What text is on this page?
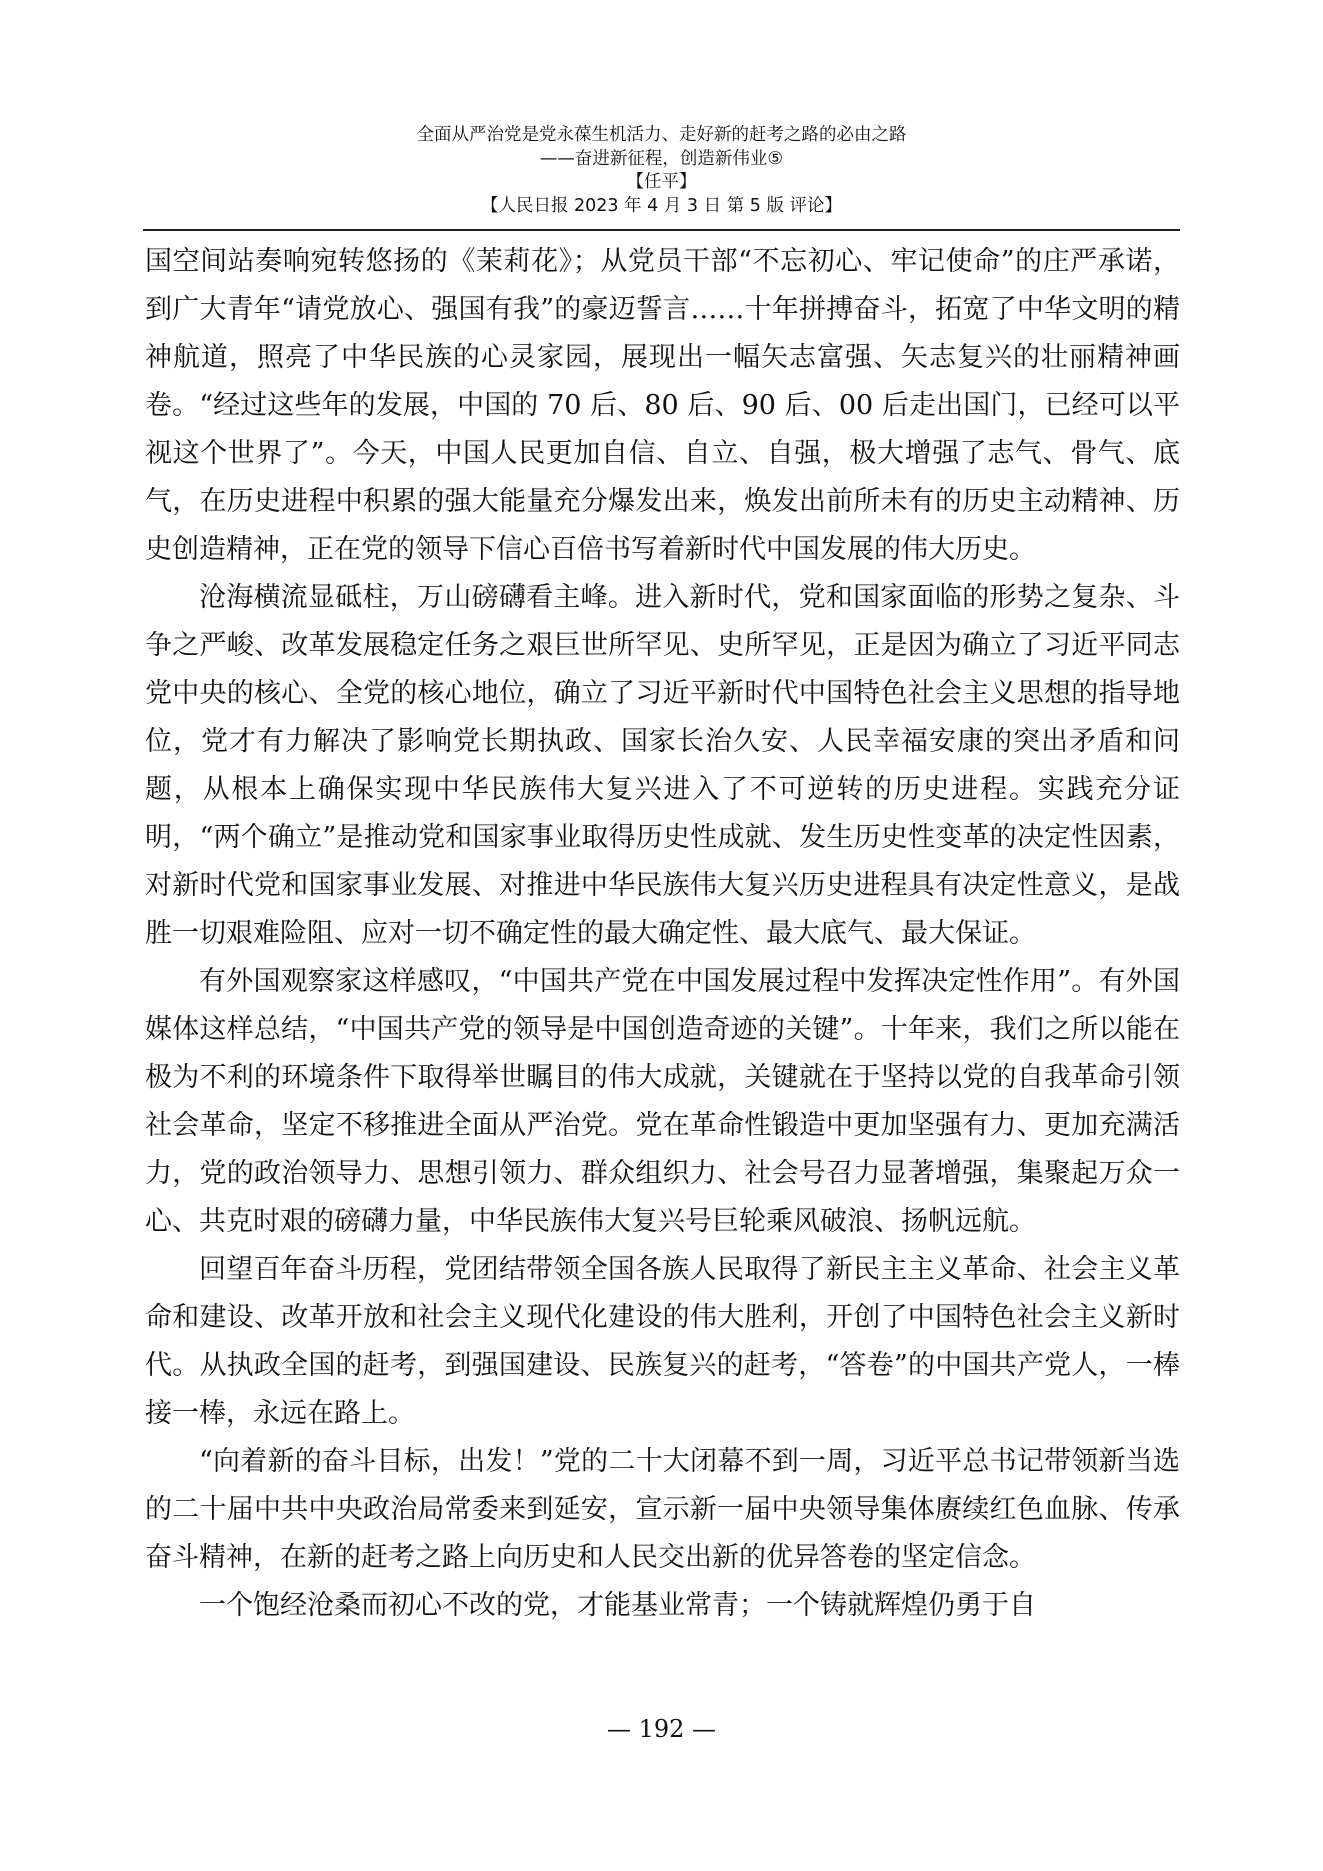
全面从严治党是党永葆生机活力、走好新的赶考之路的必由之路
——奋进新征程，创造新伟业⑤
【任平】
【人民日报 2023 年 4 月 3 日 第 5 版 评论】

国空间站奏响宛转悠扬的《茉莉花》；从党员干部“不忘初心、牢记使命”的庄严承诺，到广大青年“请党放心、强国有我”的豪迈誓言……十年拼搏奋斗，拓宽了中华文明的精神航道，照亮了中华民族的心灵家园，展现出一幅矢志富强、矢志复兴的壮丽精神画卷。“经过这些年的发展，中国的 70 后、80 后、90 后、00 后走出国门，已经可以平视这个世界了”。今天，中国人民更加自信、自立、自强，极大增强了志气、骨气、底气，在历史进程中积累的强大能量充分爆发出来，焕发出前所未有的历史主动精神、历史创造精神，正在党的领导下信心百倍书写着新时代中国发展的伟大历史。

沧海横流显砥柱，万山磅礴看主峰。进入新时代，党和国家面临的形势之复杂、斗争之严峻、改革发展稳定任务之艰巨世所罕见、史所罕见，正是因为确立了习近平同志党中央的核心、全党的核心地位，确立了习近平新时代中国特色社会主义思想的指导地位，党才有力解决了影响党长期执政、国家长治久安、人民幸福安康的突出矛盾和问题，从根本上确保实现中华民族伟大复兴进入了不可逆转的历史进程。实践充分证明，“两个确立”是推动党和国家事业取得历史性成就、发生历史性变革的决定性因素，对新时代党和国家事业发展、对推进中华民族伟大复兴历史进程具有决定性意义，是战胜一切艰难险阻、应对一切不确定性的最大确定性、最大底气、最大保证。

有外国观察家这样感叹，“中国共产党在中国发展过程中发挥决定性作用”。有外国媒体这样总结，“中国共产党的领导是中国创造奇迹的关键”。十年来，我们之所以能在极为不利的环境条件下取得举世瞩目的伟大成就，关键就在于坚持以党的自我革命引领社会革命，坚定不移推进全面从严治党。党在革命性锻造中更加坚强有力、更加充满活力，党的政治领导力、思想引领力、群众组织力、社会号召力显著增强，集聚起万众一心、共克时艰的磅礴力量，中华民族伟大复兴号巨轮乘风破浪、扬帆远航。

回望百年奋斗历程，党团结带领全国各族人民取得了新民主主义革命、社会主义革命和建设、改革开放和社会主义现代化建设的伟大胜利，开创了中国特色社会主义新时代。从执政全国的赶考，到强国建设、民族复兴的赶考，“答卷”的中国共产党人，一棒接一棒，永远在路上。

“向着新的奋斗目标，出发！”党的二十大闭幕不到一周，习近平总书记带领新当选的二十届中共中央政治局常委来到延安，宣示新一届中央领导集体赓续红色血脉、传承奋斗精神，在新的赶考之路上向历史和人民交出新的优异答卷的坚定信念。

一个饱经沧桑而初心不改的党，才能基业常青；一个铸就辉煌仍勇于自

— 192 —
